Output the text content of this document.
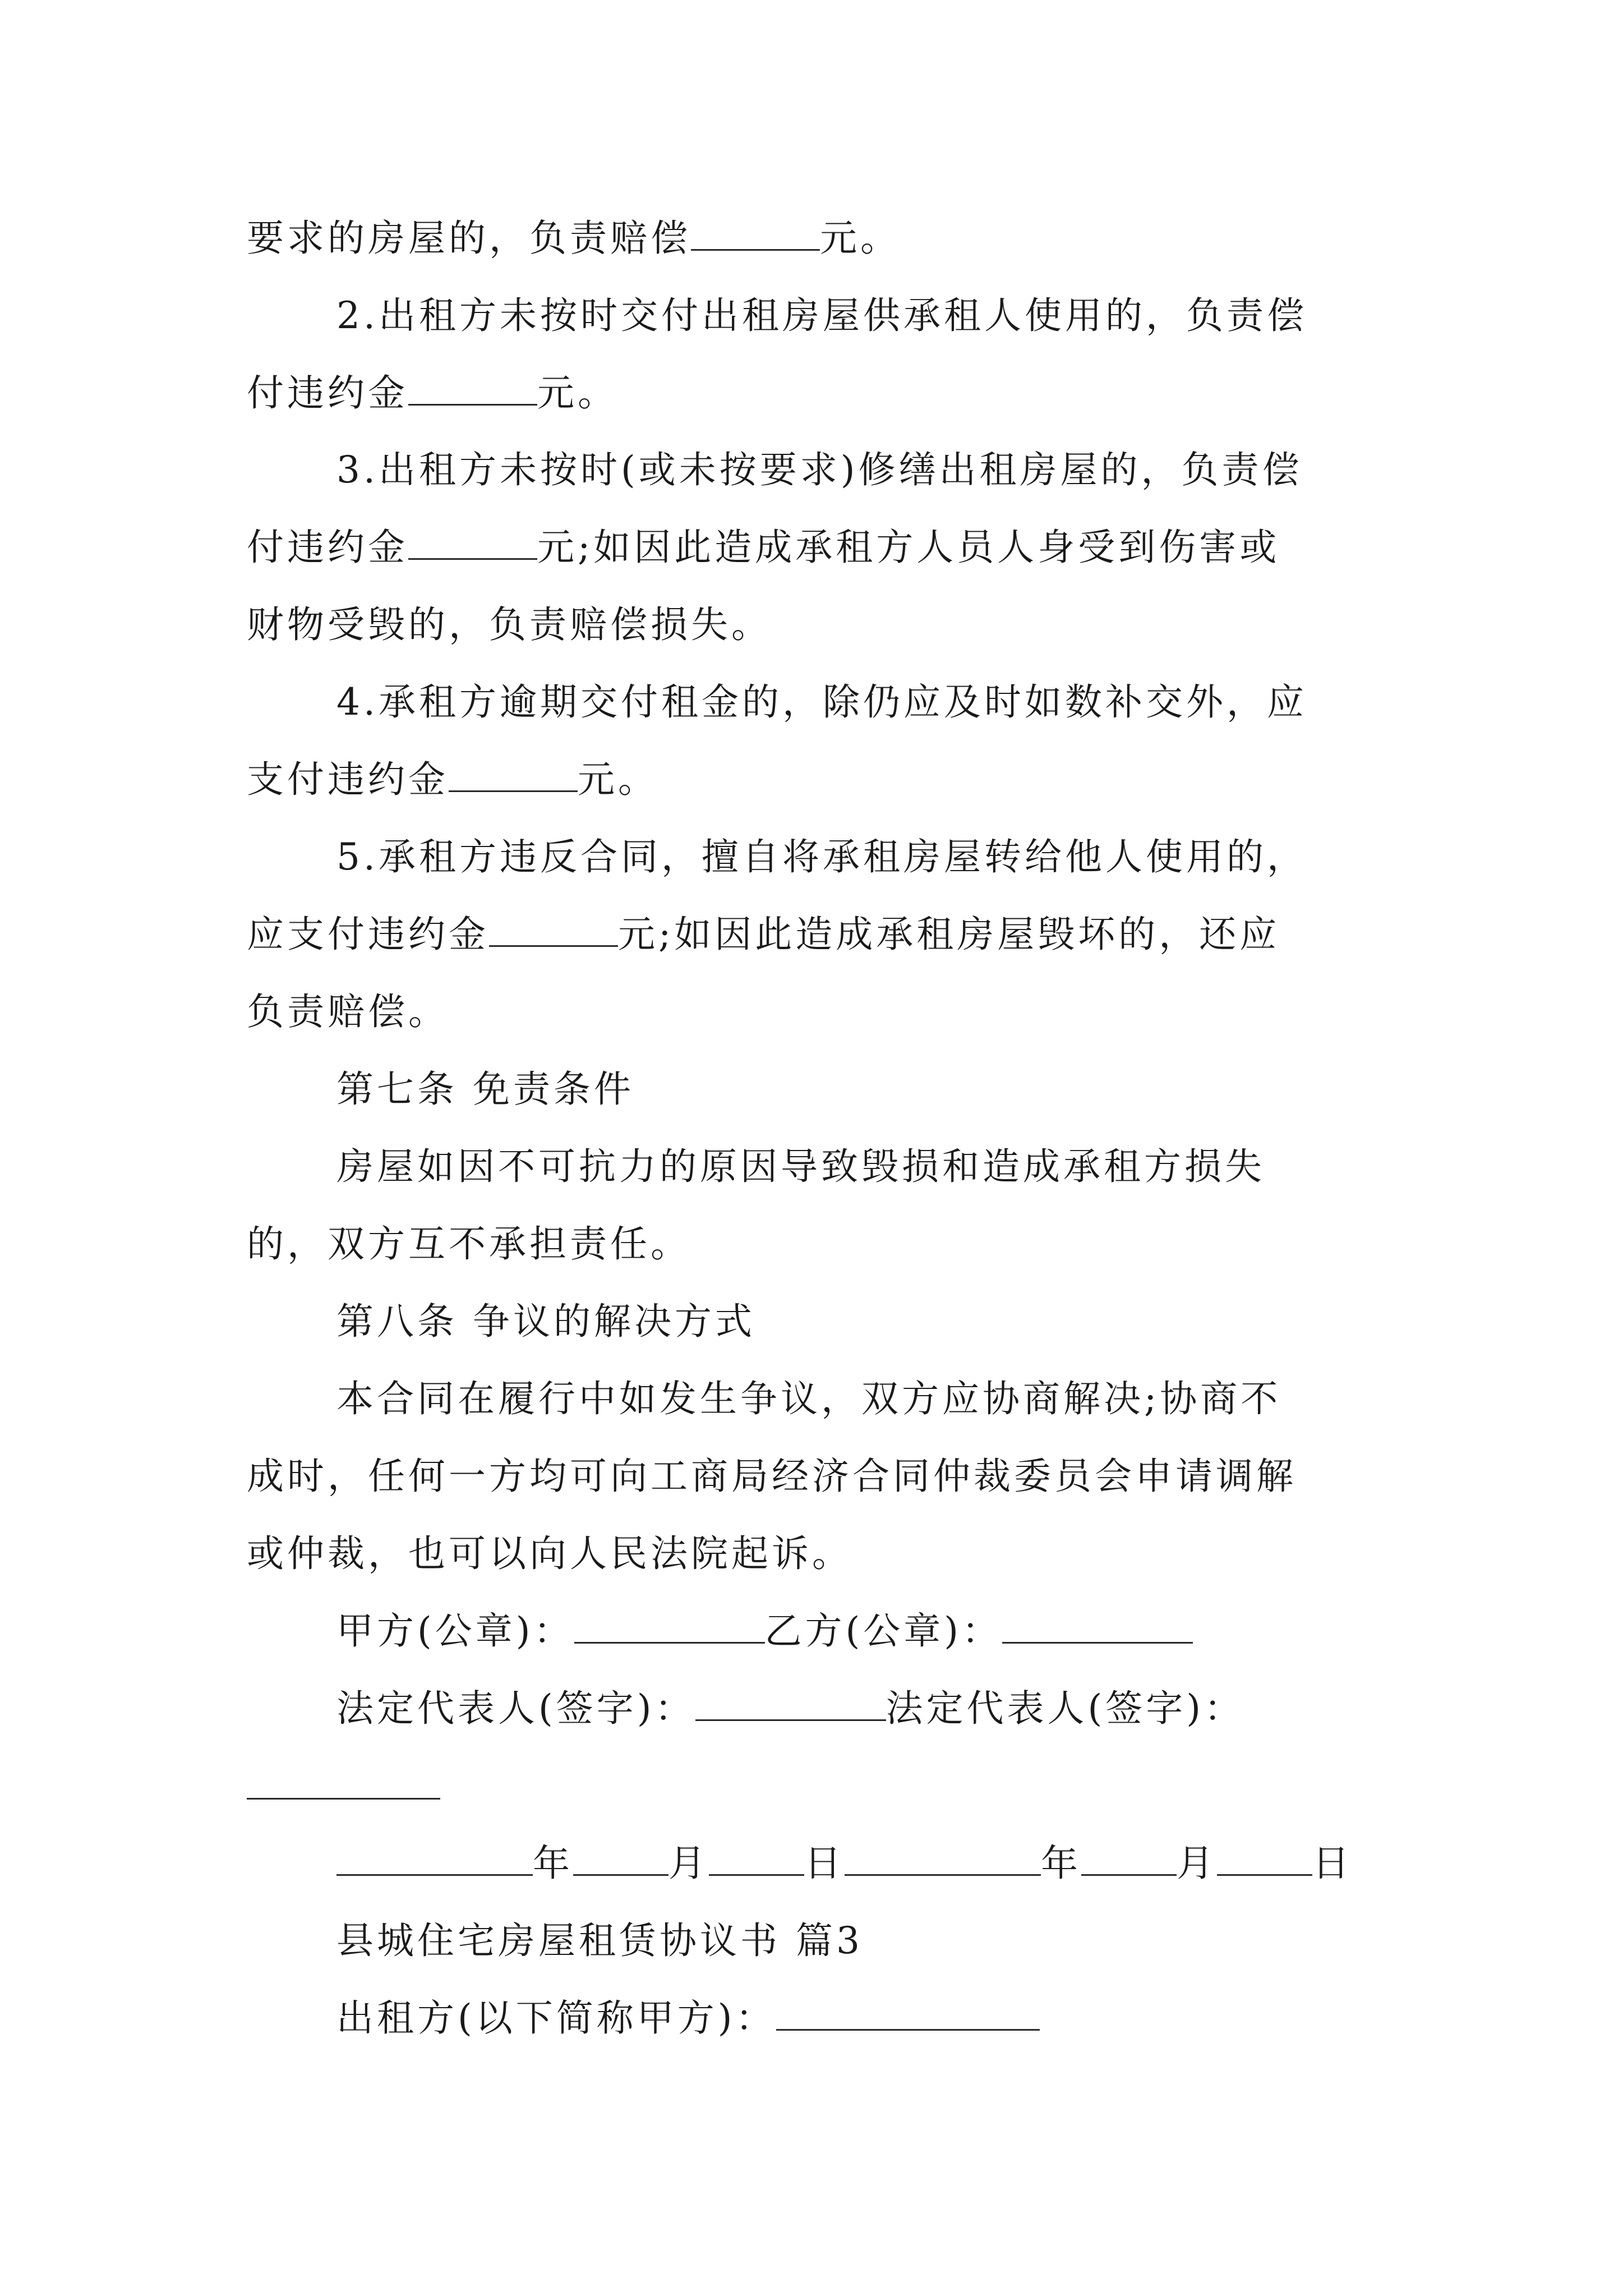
要求的房屋的，负责赔偿	元。
2.出租方未按时交付出租房屋供承租人使用的，负责偿
付违约金	元。
3.出租方未按时(或未按要求)修缮出租房屋的，负责偿
付违约金	元;如因此造成承租方人员人身受到伤害或
财物受毁的，负责赔偿损失。
4.承租方逾期交付租金的，除仍应及时如数补交外，应
支付违约金	元。
5.承租方违反合同，擅自将承租房屋转给他人使用的，
应支付违约金	元;如因此造成承租房屋毁坏的，还应
负责赔偿。
第七条 免责条件
房屋如因不可抗力的原因导致毁损和造成承租方损失
的，双方互不承担责任。
第八条 争议的解决方式
本合同在履行中如发生争议，双方应协商解决;协商不
成时，任何一方均可向工商局经济合同仲裁委员会申请调解
或仲裁，也可以向人民法院起诉。
甲方(公章)：	乙方(公章)：
法定代表人(签字)：	法定代表人(签字)：
年	月	日	年	月	日
县城住宅房屋租赁协议书 篇3
出租方(以下简称甲方)：
